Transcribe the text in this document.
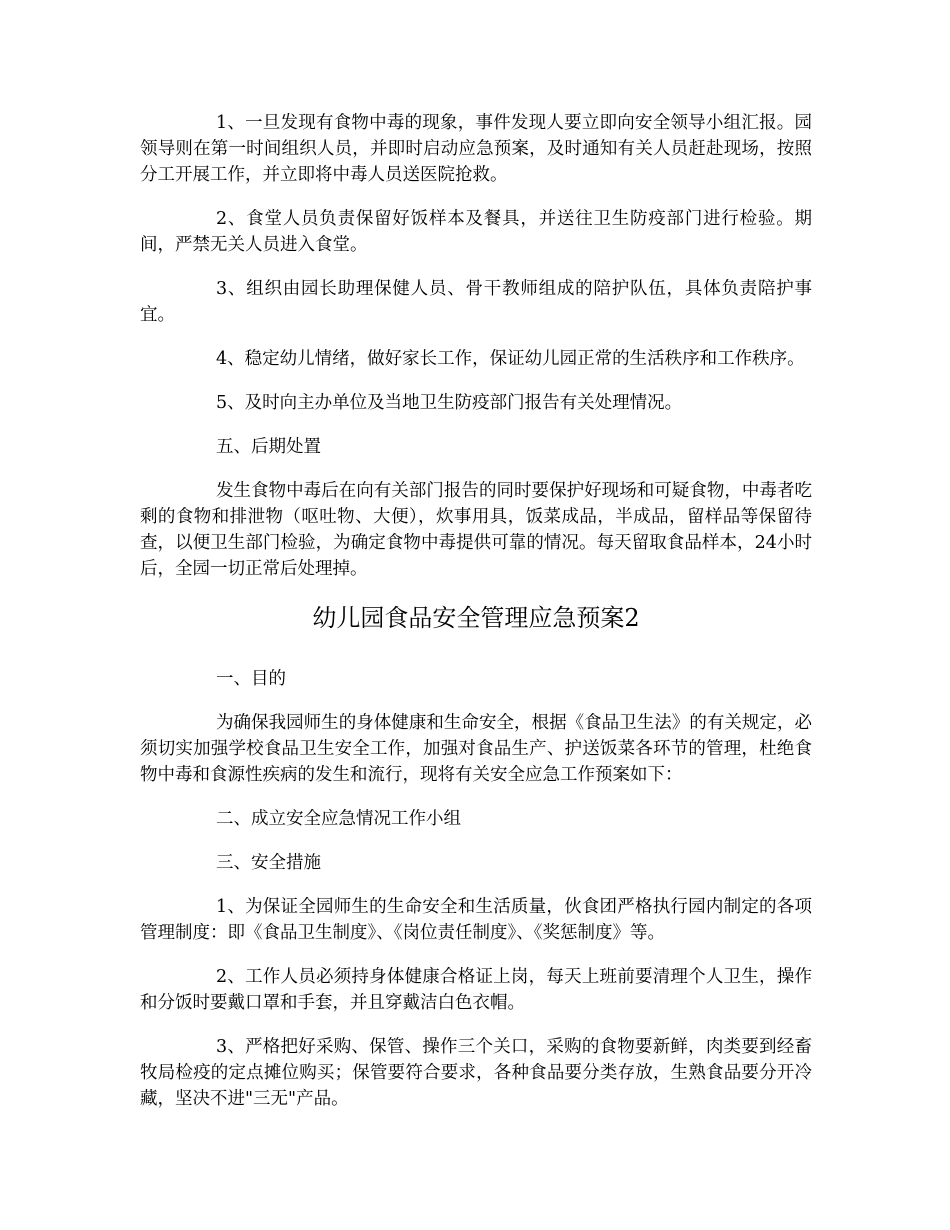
1、一旦发现有食物中毒的现象，事件发现人要立即向安全领导小组汇报。园领导则在第一时间组织人员，并即时启动应急预案，及时通知有关人员赶赴现场，按照分工开展工作，并立即将中毒人员送医院抢救。

2、食堂人员负责保留好饭样本及餐具，并送往卫生防疫部门进行检验。期间，严禁无关人员进入食堂。

3、组织由园长助理保健人员、骨干教师组成的陪护队伍，具体负责陪护事宜。

4、稳定幼儿情绪，做好家长工作，保证幼儿园正常的生活秩序和工作秩序。

5、及时向主办单位及当地卫生防疫部门报告有关处理情况。

五、后期处置

发生食物中毒后在向有关部门报告的同时要保护好现场和可疑食物，中毒者吃剩的食物和排泄物（呕吐物、大便），炊事用具，饭菜成品，半成品，留样品等保留待查，以便卫生部门检验，为确定食物中毒提供可靠的情况。每天留取食品样本，24小时后，全园一切正常后处理掉。

幼儿园食品安全管理应急预案2

一、目的

为确保我园师生的身体健康和生命安全，根据《食品卫生法》的有关规定，必须切实加强学校食品卫生安全工作，加强对食品生产、护送饭菜各环节的管理，杜绝食物中毒和食源性疾病的发生和流行，现将有关安全应急工作预案如下：

二、成立安全应急情况工作小组

三、安全措施

1、为保证全园师生的生命安全和生活质量，伙食团严格执行园内制定的各项管理制度：即《食品卫生制度》、《岗位责任制度》、《奖惩制度》等。

2、工作人员必须持身体健康合格证上岗，每天上班前要清理个人卫生，操作和分饭时要戴口罩和手套，并且穿戴洁白色衣帽。

3、严格把好采购、保管、操作三个关口，采购的食物要新鲜，肉类要到经畜牧局检疫的定点摊位购买；保管要符合要求，各种食品要分类存放，生熟食品要分开冷藏，坚决不进"三无"产品。
